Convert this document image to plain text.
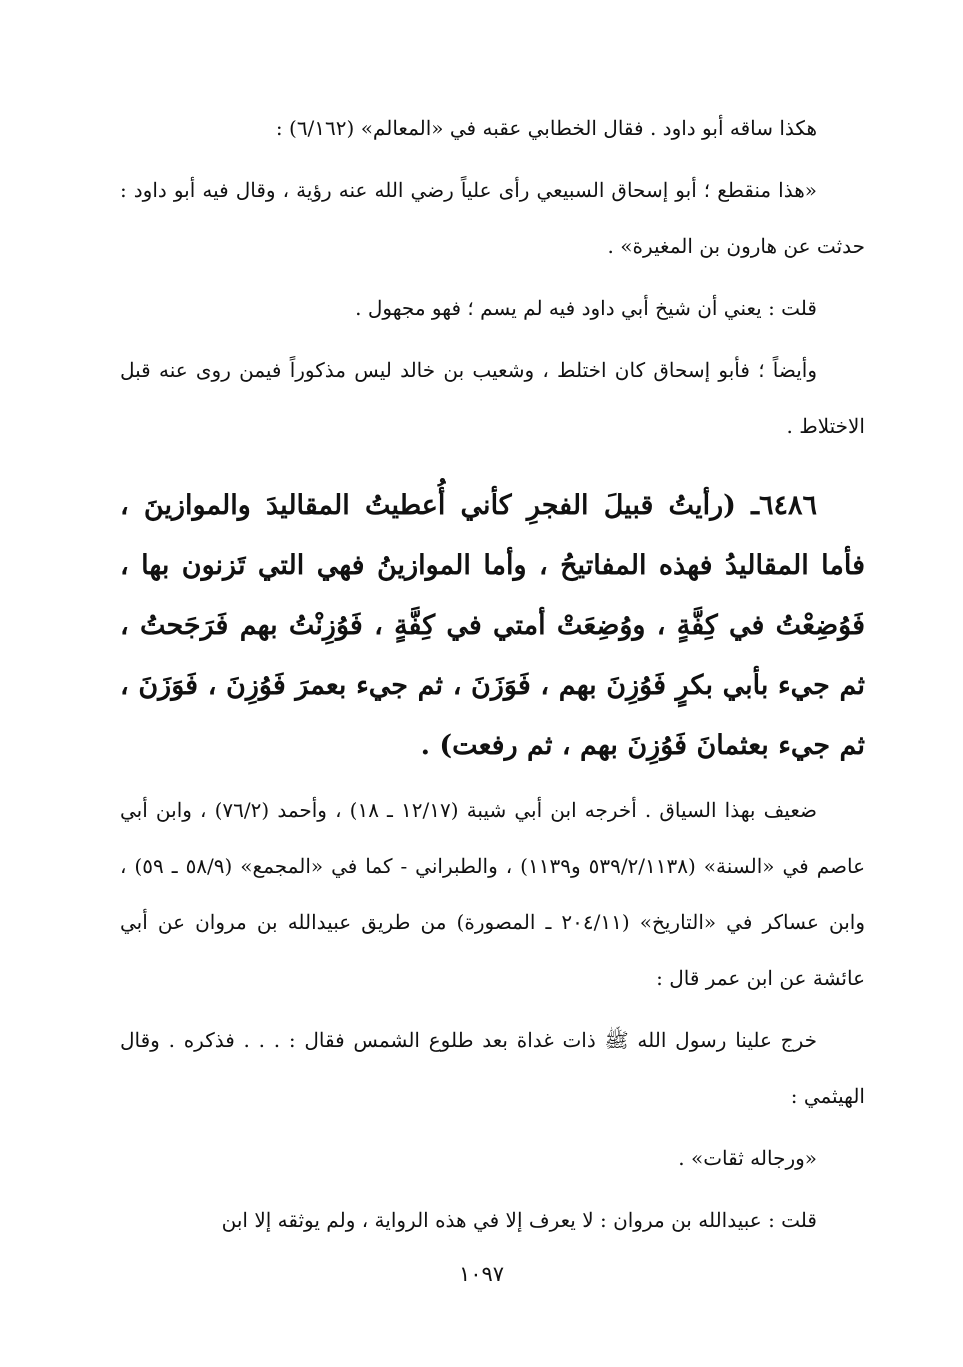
هكذا ساقه أبو داود . فقال الخطابي عقبه في «المعالم» (٦/١٦٢) :

«هذا منقطع ؛ أبو إسحاق السبيعي رأى علياً رضي الله عنه رؤية ، وقال فيه أبو داود : حدثت عن هارون بن المغيرة» .

قلت : يعني أن شيخ أبي داود فيه لم يسم ؛ فهو مجهول .

وأيضاً ؛ فأبو إسحاق كان اختلط ، وشعيب بن خالد ليس مذكوراً فيمن روى عنه قبل الاختلاط .

٦٤٨٦ـ (رأيتُ قبيلَ الفجرِ كأني أُعطيتُ المقاليدَ والموازينَ ، فأما المقاليدُ فهذه المفاتيحُ ، وأما الموازينُ فهي التي تَزنون بها ، فَوُضِعْتُ في كِفَّةٍ ، ووُضِعَتْ أمتي في كِفَّةٍ ، فَوُزِنْتُ بهم فَرَجَحتُ ، ثم جيء بأبي بكرٍ فَوُزِنَ بهم ، فَوَزَنَ ، ثم جيء بعمرَ فَوُزِنَ ، فَوَزَنَ ، ثم جيء بعثمانَ فَوُزِنَ بهم ، ثم رفعت) .

ضعيف بهذا السياق . أخرجه ابن أبي شيبة (١٢/١٧ ـ ١٨) ، وأحمد (٧٦/٢) ، وابن أبي عاصم في «السنة» (٥٣٩/٢/١١٣٨ و١١٣٩) ، والطبراني - كما في «المجمع» (٥٨/٩ ـ ٥٩) ، وابن عساكر في «التاريخ» (٢٠٤/١١ ـ المصورة) من طريق عبيدالله بن مروان عن أبي عائشة عن ابن عمر قال :

خرج علينا رسول الله ﷺ ذات غداة بعد طلوع الشمس فقال : . . . فذكره . وقال الهيثمي :

«ورجاله ثقات» .

قلت : عبيدالله بن مروان : لا يعرف إلا في هذه الرواية ، ولم يوثقه إلا ابن

١٠٩٧
